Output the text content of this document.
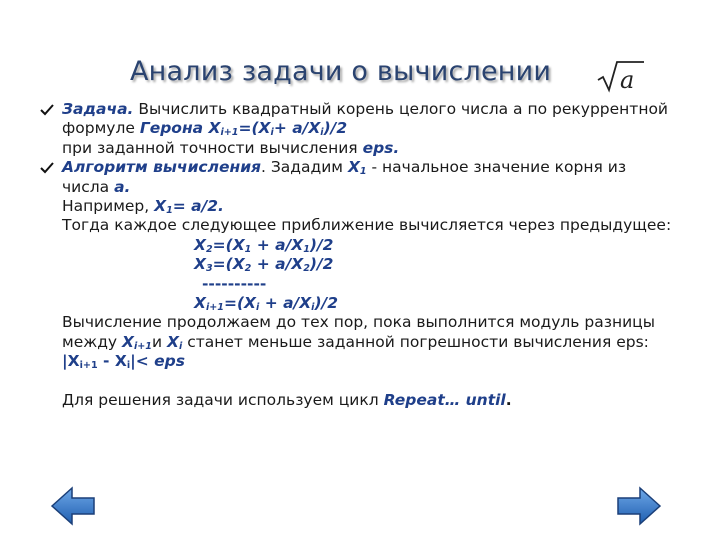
Анализ задачи о вычислении	a
Задача. Вычислить квадратный корень целого числа a по рекуррентной
формуле Герона $X_{i+1}=(X_i+ a/X_i)/2$
при заданной точности вычисления eps.
Алгоритм вычисления. Зададим $X_1$ - начальное значение корня из
числа a.
Например, $X_1= a/2$.
Тогда каждое следующее приближение вычисляется через предыдущее:
$X_2=(X_1 + a/X_1)/2$
$X_3=(X_2 + a/X_2)/2$
----------
$X_{i+1}=(X_i + a/X_i)/2$
Вычисление продолжаем до тех пор, пока выполнится модуль разницы
между $X_{i+1}и$ $X_i$ станет меньше заданной погрешности вычисления eps:
$|X_{i+1} - X_i|<$ eps
Для решения задачи используем цикл Repeat… until.
